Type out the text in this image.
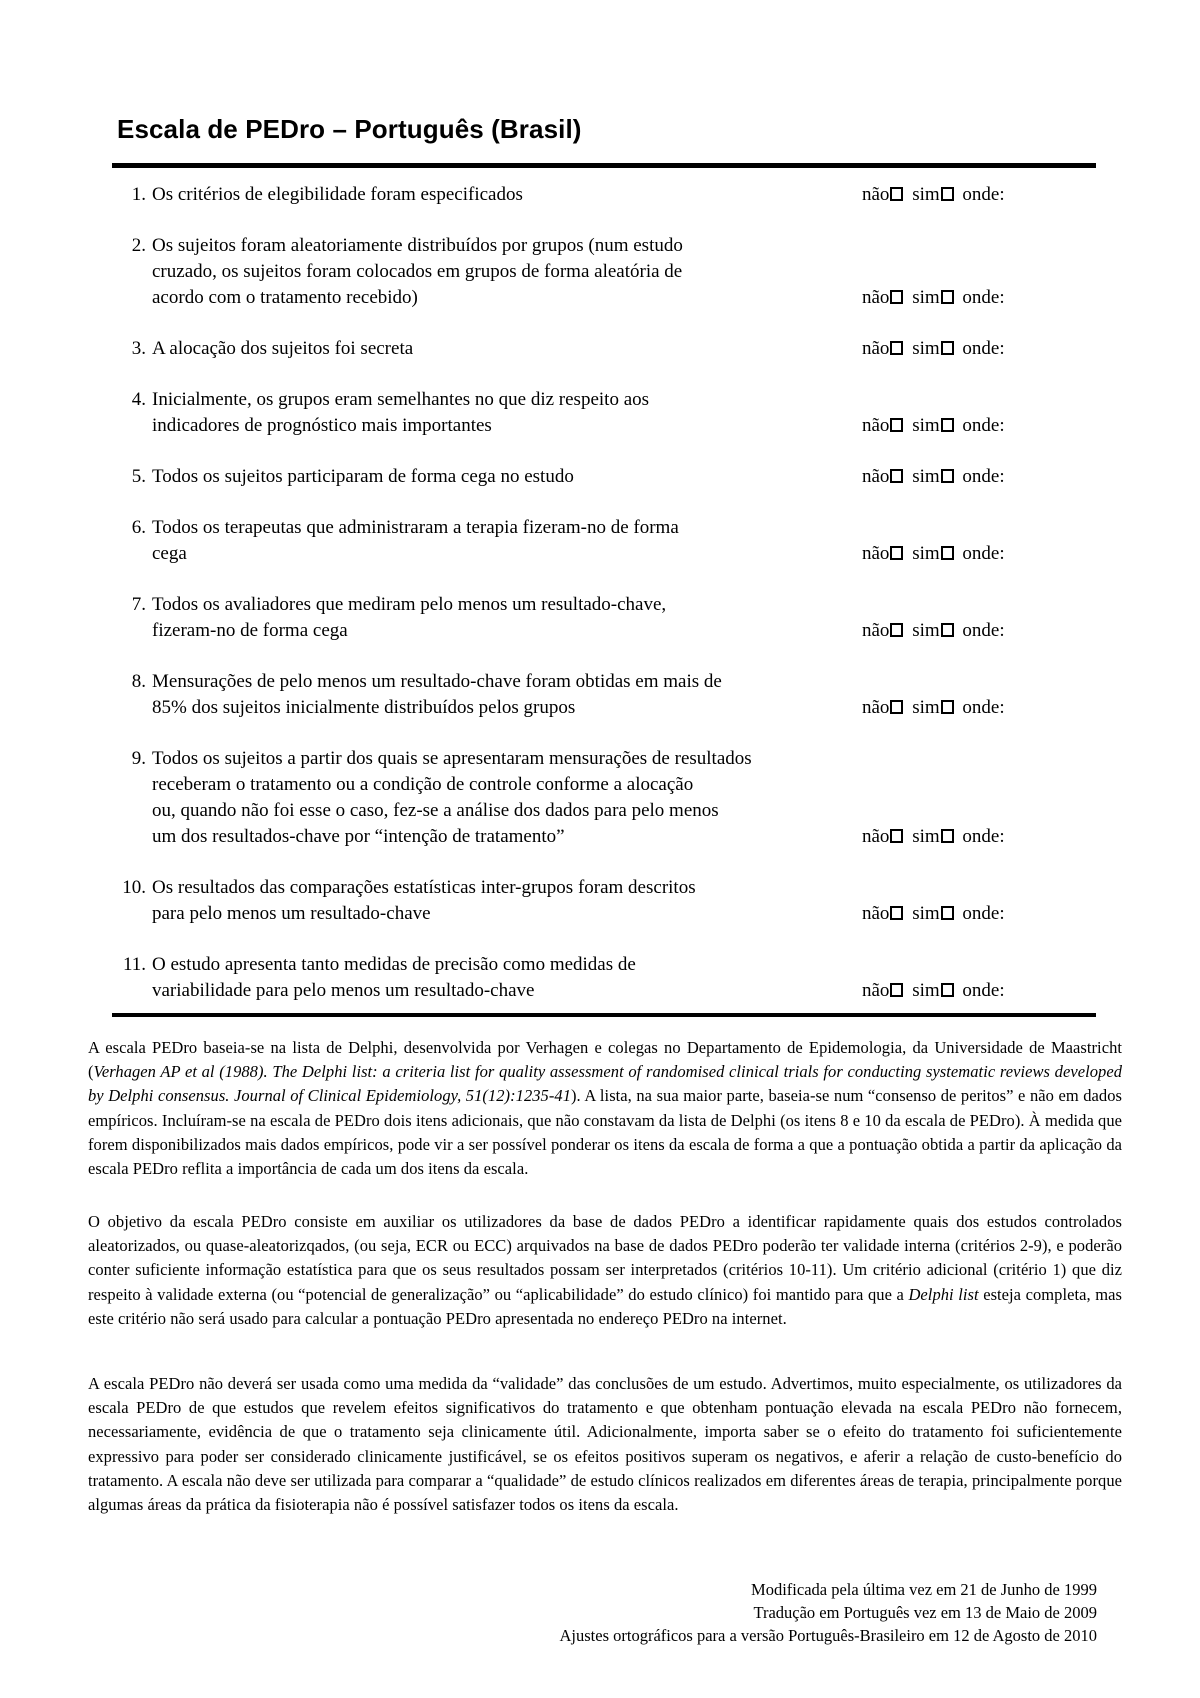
Escala de PEDro – Português (Brasil)
1. Os critérios de elegibilidade foram especificados	não sim onde:
2. Os sujeitos foram aleatoriamente distribuídos por grupos (num estudo
cruzado, os sujeitos foram colocados em grupos de forma aleatória de
acordo com o tratamento recebido)	não sim onde:
3. A alocação dos sujeitos foi secreta	não sim onde:
4. Inicialmente, os grupos eram semelhantes no que diz respeito aos
indicadores de prognóstico mais importantes	não sim onde:
5. Todos os sujeitos participaram de forma cega no estudo	não sim onde:
6. Todos os terapeutas que administraram a terapia fizeram-no de forma
cega	não sim onde:
7. Todos os avaliadores que mediram pelo menos um resultado-chave,
fizeram-no de forma cega	não sim onde:
8. Mensurações de pelo menos um resultado-chave foram obtidas em mais de
85% dos sujeitos inicialmente distribuídos pelos grupos	não sim onde:
9. Todos os sujeitos a partir dos quais se apresentaram mensurações de resultados
receberam o tratamento ou a condição de controle conforme a alocação
ou, quando não foi esse o caso, fez-se a análise dos dados para pelo menos
um dos resultados-chave por “intenção de tratamento”	não sim onde:
10. Os resultados das comparações estatísticas inter-grupos foram descritos
para pelo menos um resultado-chave	não sim onde:
11. O estudo apresenta tanto medidas de precisão como medidas de
variabilidade para pelo menos um resultado-chave	não sim onde:

A escala PEDro baseia-se na lista de Delphi, desenvolvida por Verhagen e colegas no Departamento de Epidemologia, da Universidade de Maastricht (Verhagen AP et al (1988). The Delphi list: a criteria list for quality assessment of randomised clinical trials for conducting systematic reviews developed by Delphi consensus. Journal of Clinical Epidemiology, 51(12):1235-41). A lista, na sua maior parte, baseia-se num “consenso de peritos” e não em dados empíricos. Incluíram-se na escala de PEDro dois itens adicionais, que não constavam da lista de Delphi (os itens 8 e 10 da escala de PEDro). À medida que forem disponibilizados mais dados empíricos, pode vir a ser possível ponderar os itens da escala de forma a que a pontuação obtida a partir da aplicação da escala PEDro reflita a importância de cada um dos itens da escala.

O objetivo da escala PEDro consiste em auxiliar os utilizadores da base de dados PEDro a identificar rapidamente quais dos estudos controlados aleatorizados, ou quase-aleatorizqados, (ou seja, ECR ou ECC) arquivados na base de dados PEDro poderão ter validade interna (critérios 2-9), e poderão conter suficiente informação estatística para que os seus resultados possam ser interpretados (critérios 10-11). Um critério adicional (critério 1) que diz respeito à validade externa (ou “potencial de generalização” ou “aplicabilidade” do estudo clínico) foi mantido para que a Delphi list esteja completa, mas este critério não será usado para calcular a pontuação PEDro apresentada no endereço PEDro na internet.

A escala PEDro não deverá ser usada como uma medida da “validade” das conclusões de um estudo. Advertimos, muito especialmente, os utilizadores da escala PEDro de que estudos que revelem efeitos significativos do tratamento e que obtenham pontuação elevada na escala PEDro não fornecem, necessariamente, evidência de que o tratamento seja clinicamente útil. Adicionalmente, importa saber se o efeito do tratamento foi suficientemente expressivo para poder ser considerado clinicamente justificável, se os efeitos positivos superam os negativos, e aferir a relação de custo-benefício do tratamento. A escala não deve ser utilizada para comparar a “qualidade” de estudo clínicos realizados em diferentes áreas de terapia, principalmente porque algumas áreas da prática da fisioterapia não é possível satisfazer todos os itens da escala.

Modificada pela última vez em 21 de Junho de 1999
Tradução em Português vez em 13 de Maio de 2009
Ajustes ortográficos para a versão Português-Brasileiro em 12 de Agosto de 2010
